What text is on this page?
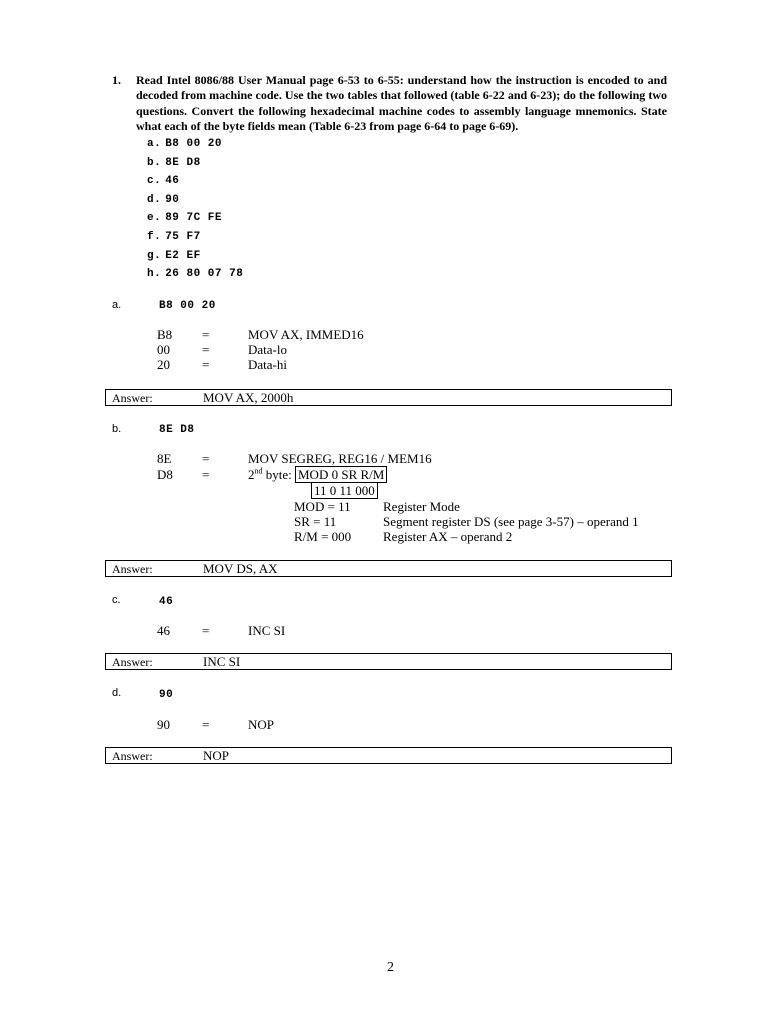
1. Read Intel 8086/88 User Manual page 6-53 to 6-55: understand how the instruction is encoded to and decoded from machine code. Use the two tables that followed (table 6-22 and 6-23); do the following two questions. Convert the following hexadecimal machine codes to assembly language mnemonics. State what each of the byte fields mean (Table 6-23 from page 6-64 to page 6-69).
a. B8 00 20
b. 8E D8
c. 46
d. 90
e. 89 7C FE
f. 75 F7
g. E2 EF
h. 26 80 07 78
a.	B8 00 20
B8 =	MOV AX, IMMED16
00 =	Data-lo
20 =	Data-hi
Answer:	MOV AX, 2000h
b.	8E D8
8E =	MOV SEGREG, REG16 / MEM16
D8 =	2nd byte: MOD 0 SR R/M
11 0 11 000
MOD = 11 Register Mode
SR = 11	Segment register DS (see page 3-57) – operand 1
R/M = 000 Register AX – operand 2
Answer:	MOV DS, AX
c.	46
46 =	INC SI
Answer:	INC SI
d.	90
90 =	NOP
Answer:	NOP
2
